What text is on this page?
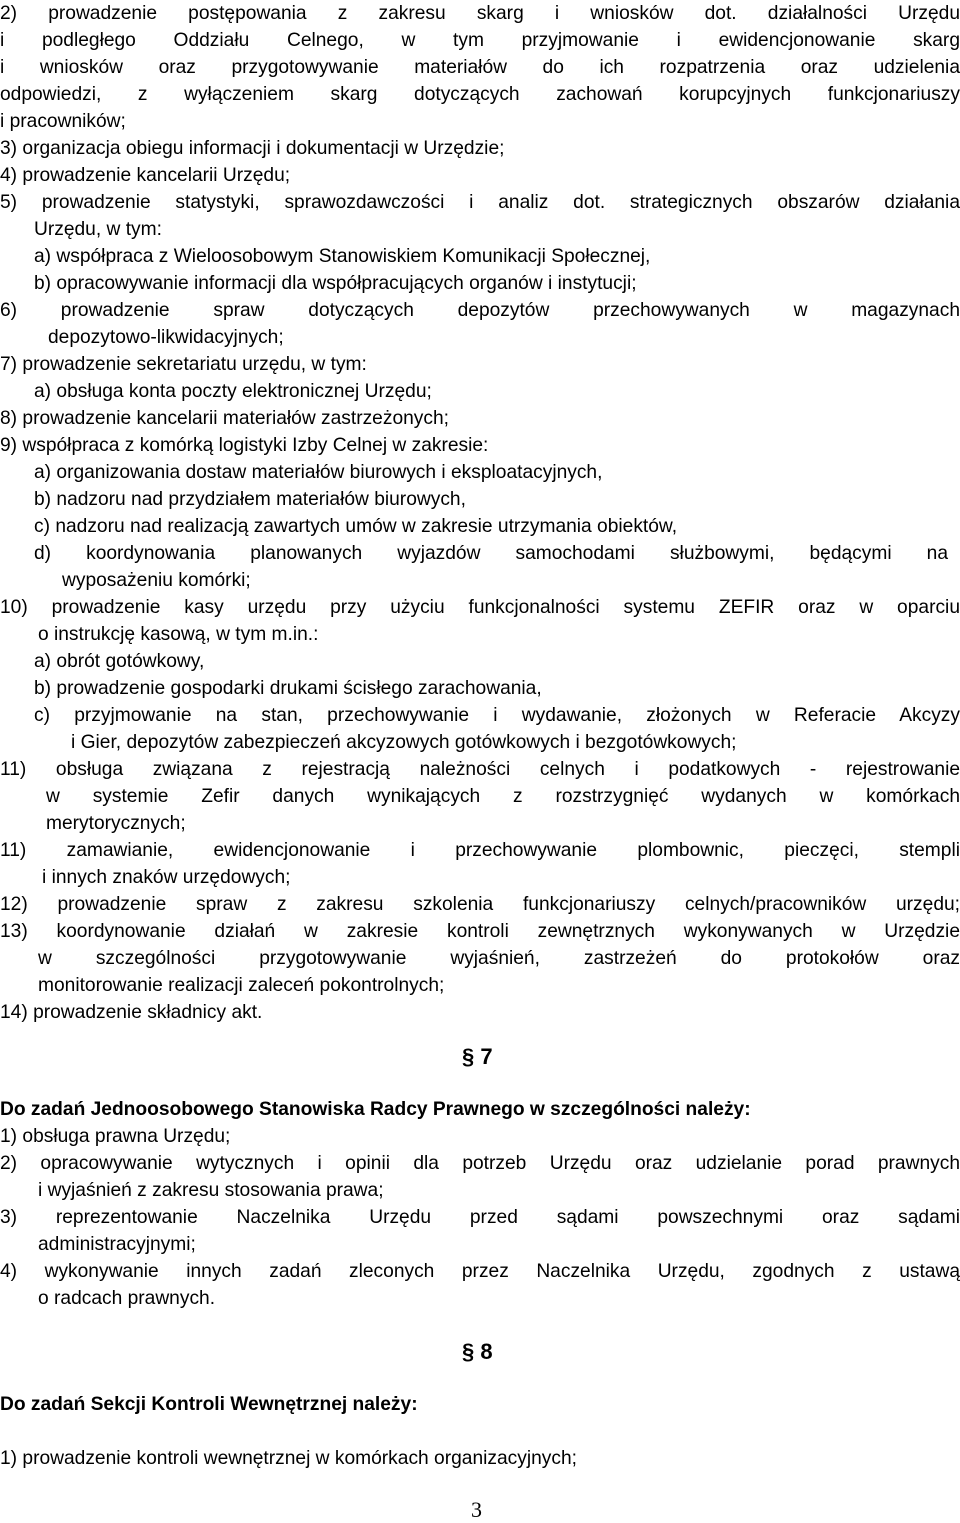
2) prowadzenie postępowania z zakresu skarg i wniosków dot. działalności Urzędu
i podległego Oddziału Celnego, w tym przyjmowanie i ewidencjonowanie skarg
i wniosków oraz przygotowywanie materiałów do ich rozpatrzenia oraz udzielenia
odpowiedzi, z wyłączeniem skarg dotyczących zachowań korupcyjnych funkcjonariuszy
i pracowników;
3) organizacja obiegu informacji i dokumentacji w Urzędzie;
4) prowadzenie kancelarii Urzędu;
5) prowadzenie statystyki, sprawozdawczości i analiz dot. strategicznych obszarów działania
Urzędu, w tym:
a) współpraca z Wieloosobowym Stanowiskiem Komunikacji Społecznej,
b) opracowywanie informacji dla współpracujących organów i instytucji;
6) prowadzenie spraw dotyczących depozytów przechowywanych w magazynach
depozytowo-likwidacyjnych;
7) prowadzenie sekretariatu urzędu, w tym:
a) obsługa konta poczty elektronicznej Urzędu;
8) prowadzenie kancelarii materiałów zastrzeżonych;
9) współpraca z komórką logistyki Izby Celnej w zakresie:
a) organizowania dostaw materiałów biurowych i eksploatacyjnych,
b) nadzoru nad przydziałem materiałów biurowych,
c) nadzoru nad realizacją zawartych umów w zakresie utrzymania obiektów,
d) koordynowania planowanych wyjazdów samochodami służbowymi, będącymi na
wyposażeniu komórki;
10) prowadzenie kasy urzędu przy użyciu funkcjonalności systemu ZEFIR oraz w oparciu
o instrukcję kasową, w tym m.in.:
a) obrót gotówkowy,
b) prowadzenie gospodarki drukami ścisłego zarachowania,
c) przyjmowanie na stan, przechowywanie i wydawanie, złożonych w Referacie Akcyzy
i Gier, depozytów zabezpieczeń akcyzowych gotówkowych i bezgotówkowych;
11) obsługa związana z rejestracją należności celnych i podatkowych - rejestrowanie
w systemie Zefir danych wynikających z rozstrzygnięć wydanych w komórkach
merytorycznych;
11) zamawianie, ewidencjonowanie i przechowywanie plombownic, pieczęci, stempli
i innych znaków urzędowych;
12) prowadzenie spraw z zakresu szkolenia funkcjonariuszy celnych/pracowników urzędu;
13) koordynowanie działań w zakresie kontroli zewnętrznych wykonywanych w Urzędzie
w szczególności przygotowywanie wyjaśnień, zastrzeżeń do protokołów oraz
monitorowanie realizacji zaleceń pokontrolnych;
14) prowadzenie składnicy akt.
§ 7
Do zadań Jednoosobowego Stanowiska Radcy Prawnego w szczególności należy:
1) obsługa prawna Urzędu;
2) opracowywanie wytycznych i opinii dla potrzeb Urzędu oraz udzielanie porad prawnych
i wyjaśnień z zakresu stosowania prawa;
3) reprezentowanie Naczelnika Urzędu przed sądami powszechnymi oraz sądami
administracyjnymi;
4) wykonywanie innych zadań zleconych przez Naczelnika Urzędu, zgodnych z ustawą
o radcach prawnych.
§ 8
Do zadań Sekcji Kontroli Wewnętrznej należy:
1) prowadzenie kontroli wewnętrznej w komórkach organizacyjnych;
3
